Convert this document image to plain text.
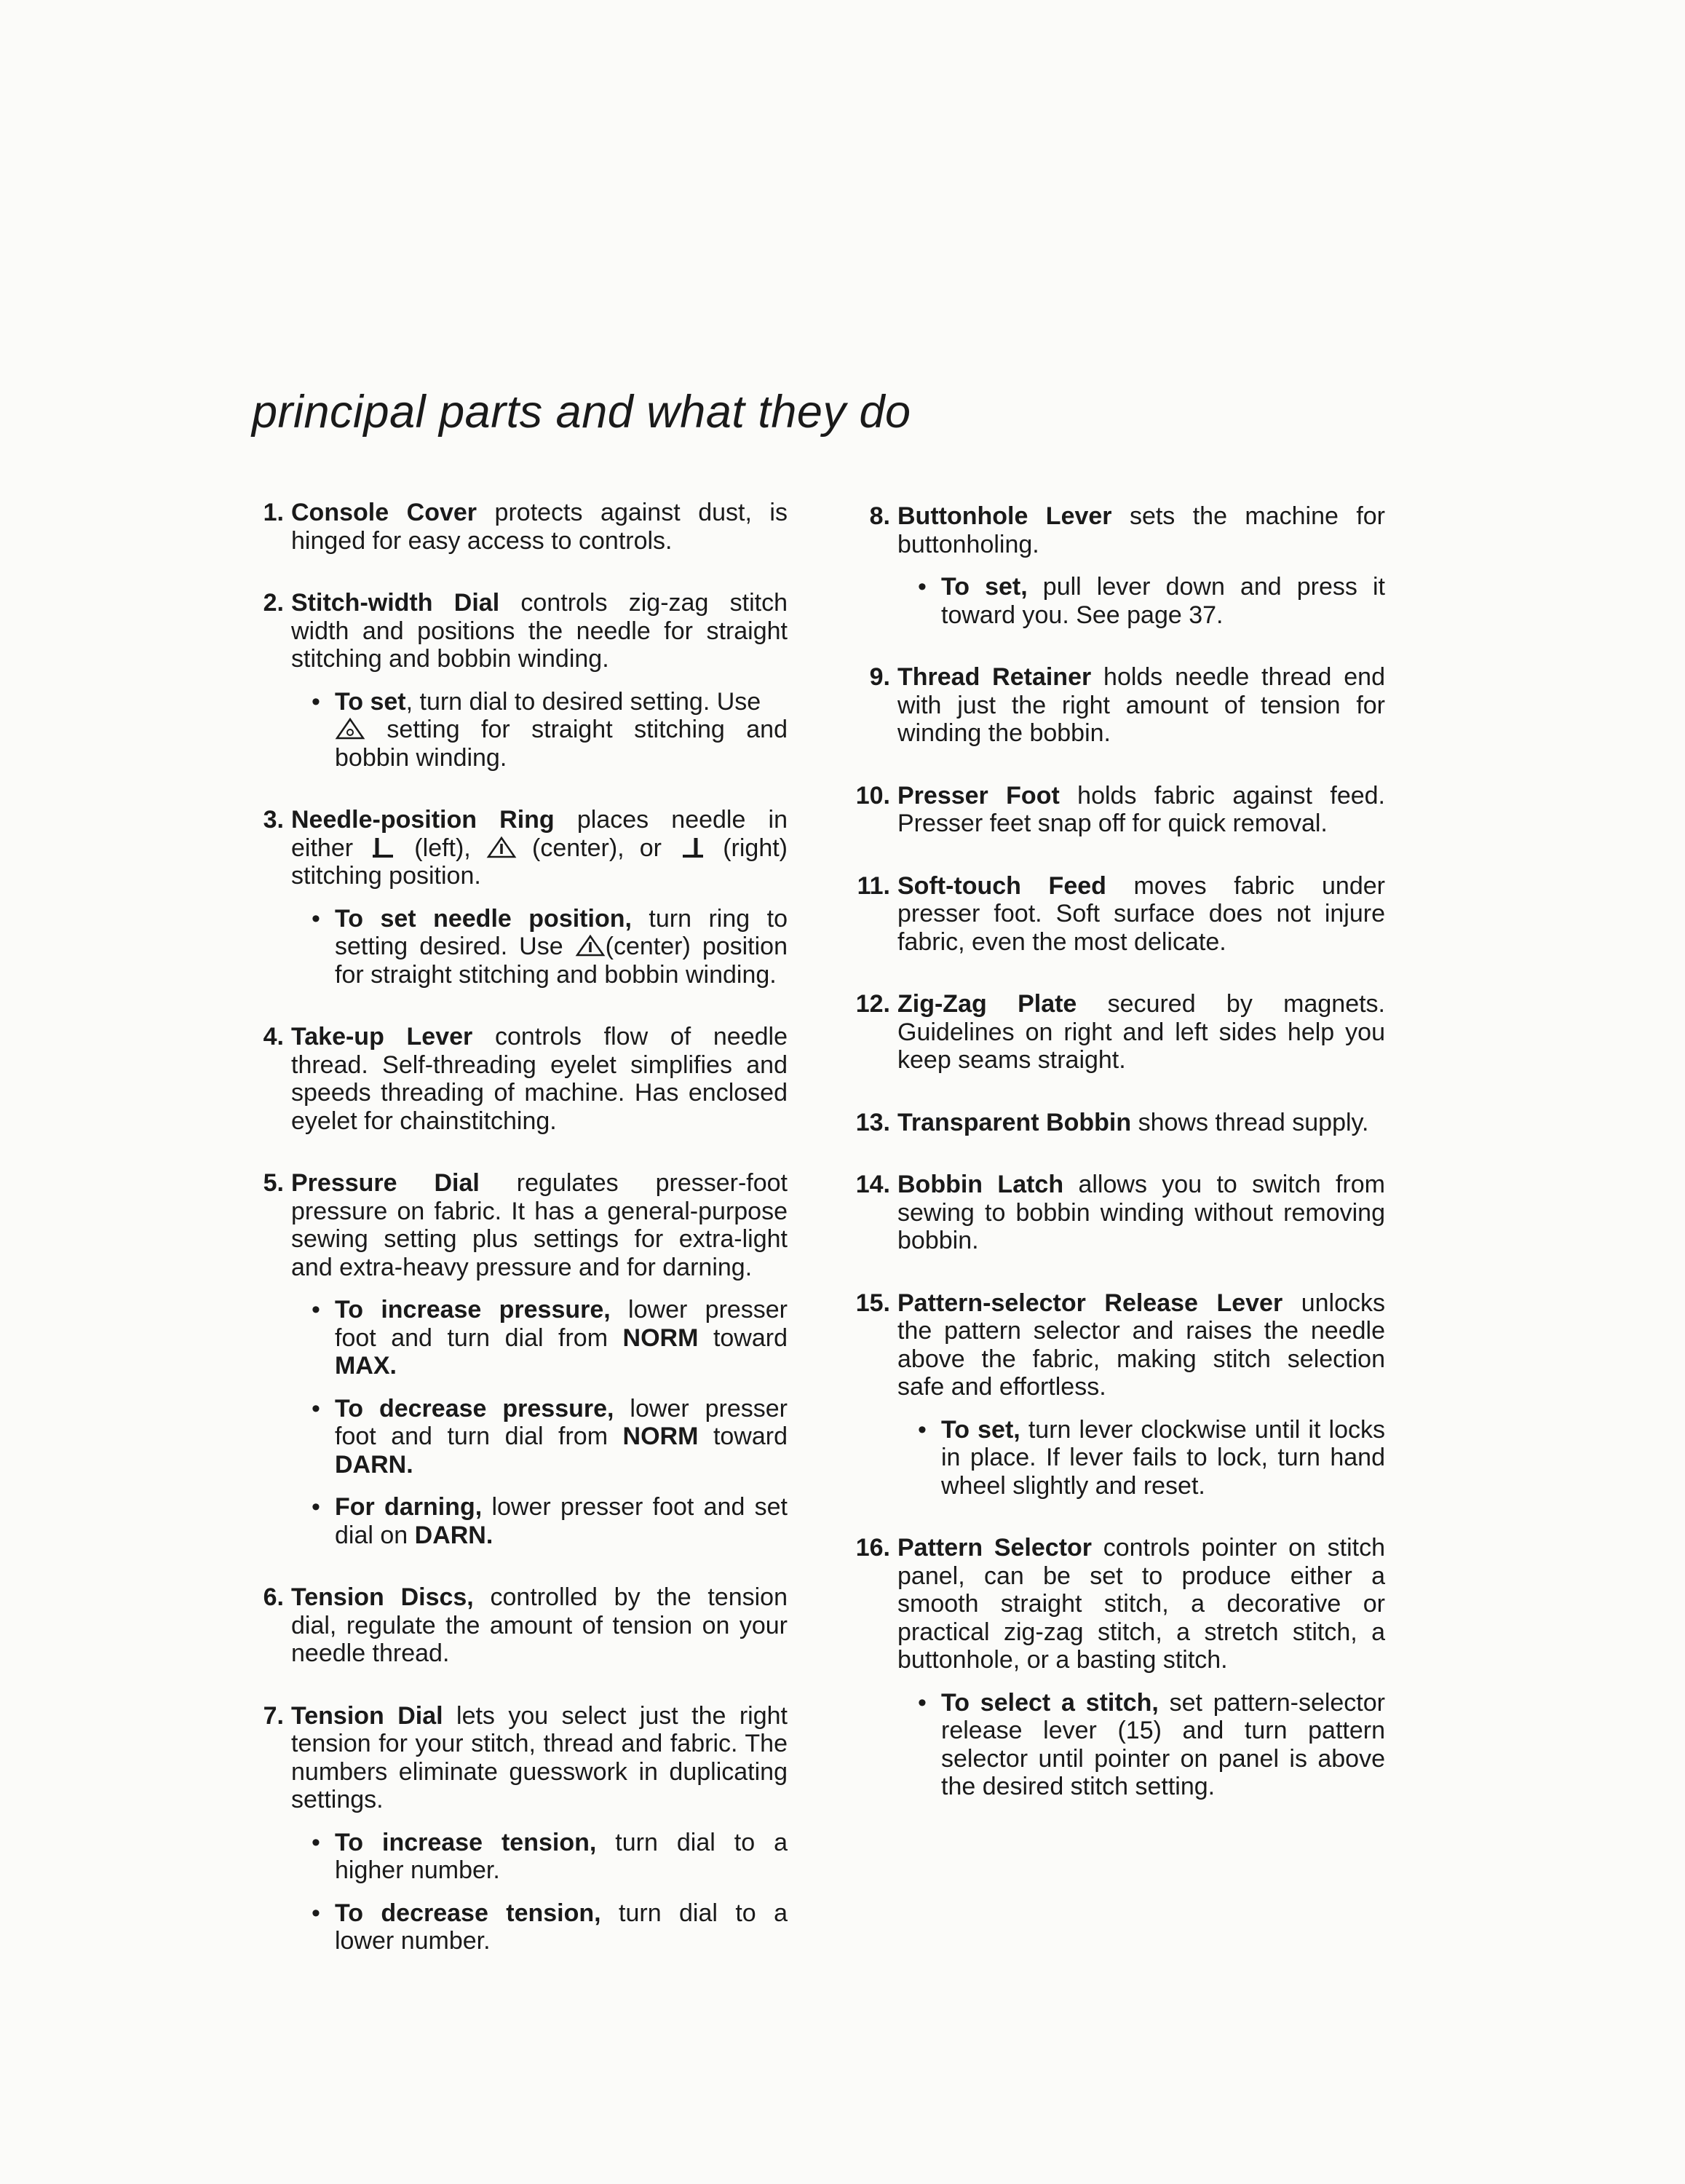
principal parts and what they do
1. Console Cover protects against dust, is hinged for easy access to controls.
2. Stitch-width Dial controls zig-zag stitch width and positions the needle for straight stitching and bobbin winding.
• To set, turn dial to desired setting. Use

setting for straight stitching and bobbin winding.
3. Needle-position Ring places needle in either
(left),
(center), or
(right) stitching position.
• To set needle position, turn ring to setting desired. Use
(center) position for straight stitching and bobbin winding.
4. Take-up Lever controls flow of needle thread. Self-threading eyelet simplifies and speeds threading of machine. Has enclosed eyelet for chainstitching.
5. Pressure Dial regulates presser-foot pressure on fabric. It has a general-purpose sewing setting plus settings for extra-light and extra-heavy pressure and for darning.
• To increase pressure, lower presser foot and turn dial from NORM toward MAX.
• To decrease pressure, lower presser foot and turn dial from NORM toward DARN.
• For darning, lower presser foot and set dial on DARN.
6. Tension Discs, controlled by the tension dial, regulate the amount of tension on your needle thread.
7. Tension Dial lets you select just the right tension for your stitch, thread and fabric. The numbers eliminate guesswork in duplicating settings.
• To increase tension, turn dial to a higher number.
• To decrease tension, turn dial to a lower number.
8. Buttonhole Lever sets the machine for buttonholing.
• To set, pull lever down and press it toward you. See page 37.
9. Thread Retainer holds needle thread end with just the right amount of tension for winding the bobbin.
10. Presser Foot holds fabric against feed. Presser feet snap off for quick removal.
11. Soft-touch Feed moves fabric under presser foot. Soft surface does not injure fabric, even the most delicate.
12. Zig-Zag Plate secured by magnets. Guidelines on right and left sides help you keep seams straight.
13. Transparent Bobbin shows thread supply.
14. Bobbin Latch allows you to switch from sewing to bobbin winding without removing bobbin.
15. Pattern-selector Release Lever unlocks the pattern selector and raises the needle above the fabric, making stitch selection safe and effortless.
• To set, turn lever clockwise until it locks in place. If lever fails to lock, turn hand wheel slightly and reset.
16. Pattern Selector controls pointer on stitch panel, can be set to produce either a smooth straight stitch, a decorative or practical zig-zag stitch, a stretch stitch, a buttonhole, or a basting stitch.
• To select a stitch, set pattern-selector release lever (15) and turn pattern selector until pointer on panel is above the desired stitch setting.
